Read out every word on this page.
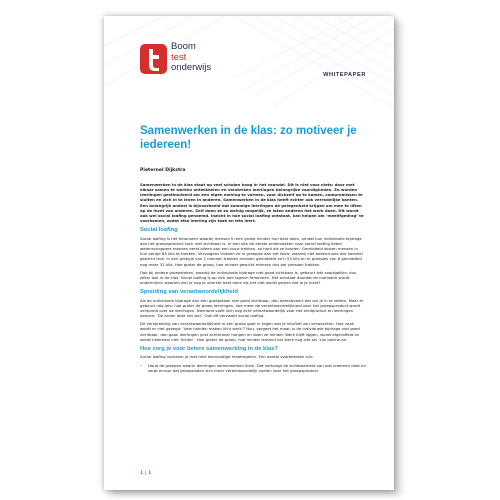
Boom
test
onderwijs
WHITEPAPER
Samenwerken in de klas: zo motiveer je iedereen!
Pieternel Dijkstra

Samenwerken in de klas staat op veel scholen hoog in het vaandel. Dit is niet voor niets: door met elkaar samen te werken ontwikkelen en versterken leerlingen belangrijke vaardigheden. Zo worden leerlingen gestimuleerd om een eigen mening te vormen, voor dichzelf op te komen, compromissen te sluiten en zich in te leven in anderen. Samenwerken in de klas heeft echter ook verradelijke kanten. Een belangrijk ondeel is bijvoorbeeld dat sommige leerlingen de gelegenheid krijgen om mee te liften op de inzet van anderen. Zelf doen ze zo weinig mogelijk, ze laten anderen het werk doen. Dit wordt ook wel social loafing genoemd. Inzicht in hoe social loafing ontstaat, kan helpen om ‘meelifgedrag’ te voorkomen, zodat elke leerling zijn taak en lets leert.

Social loafing

Social loafing is het fenomeen waarbij mensen in een groep minder hun best doen, omdat hun individuele bijdrage aan het groepsproduct toch niet zichtbaar is. In een van de eerste onderzoeken naar social loafing lieten wetenschappers mensen eerst alleen aan een touw trekken, zo hard als ze konden. Gemiddeld wisten mensen in hun eentje 63 kilo te trekken. Vervolgens trokken ze in groepjes aan het touw, waarbij niet bekend was wie hoeveel gewicht trok. In een groepje van 2 mensen trokken mensen gemiddeld zo’n 53 kilo en in groepjes van 8 gemiddeld nog maar 31 kilo. Hoe groter de groep, hoe minder gewicht mensen dus per persoon trokken.

Ook bij andere groepstaken, waarbij de individuele bijdrage niet goed zichtbaar is, gebeurt iets soortgelijks; dus zeker ook in de klas. Social loafing is op zich een logisch fenomeen. Het ontstaat doordat de motivatie wordt ondermijnd: waarom zou je nog je uiterste best doen als het niet wordt gezien dat je je inzet?

Spreiding van verantwoordelijkheid

Als de individuele bijdrage aan een groepstaak niet goed zichtbaar, dan demotiveert dat om je in te zetten. Maar er gebeurt nóg iets: hoe groter de groep leerlingen, hoe meer de verantwoordelijkheid voor het groepsproduct wordt verspreid over de leerlingen. Niemand voelt zich nog echt verantwoordelijk voor het eindproduct en leerlingen denken: ‘De ander doet het wel.’ Ook dit verzwakt social loafing.

De verspreiding van verantwoordelijkheid in een groep gaat in tegen wat je intuïtief zou verwachten. Hoe vaak wordt er niet gezegd: ‘Vele handen maken licht werk’? Nou, vergeet het maar. Is de individuele bijdrage niet goed zichtbaar, dan gaan leerlingen juist achterover hangen en doen ze minder. Werk blijft liggen, wordt afgeraffeld en wordt helemaal niet ‘lichter’. Hoe groter de groep, hoe minder iemand het werk nog ziet als ‘zijn pakkie-an’.

Hoe zorg je voor betere samenwerking in de klas?

Social loafing voorkom je met hele eenvoudige maatregelen. Een aantal voorbeelden zijn:

• Houd de groepen waarin leerlingen samenwerken klein. Dat verhoogt de zichtbaarheid van wat iedereen doet en zorgt ervoor dat groepsleden zich meer verantwoordelijk voelen voor het groepsproduct.

1 | 1
